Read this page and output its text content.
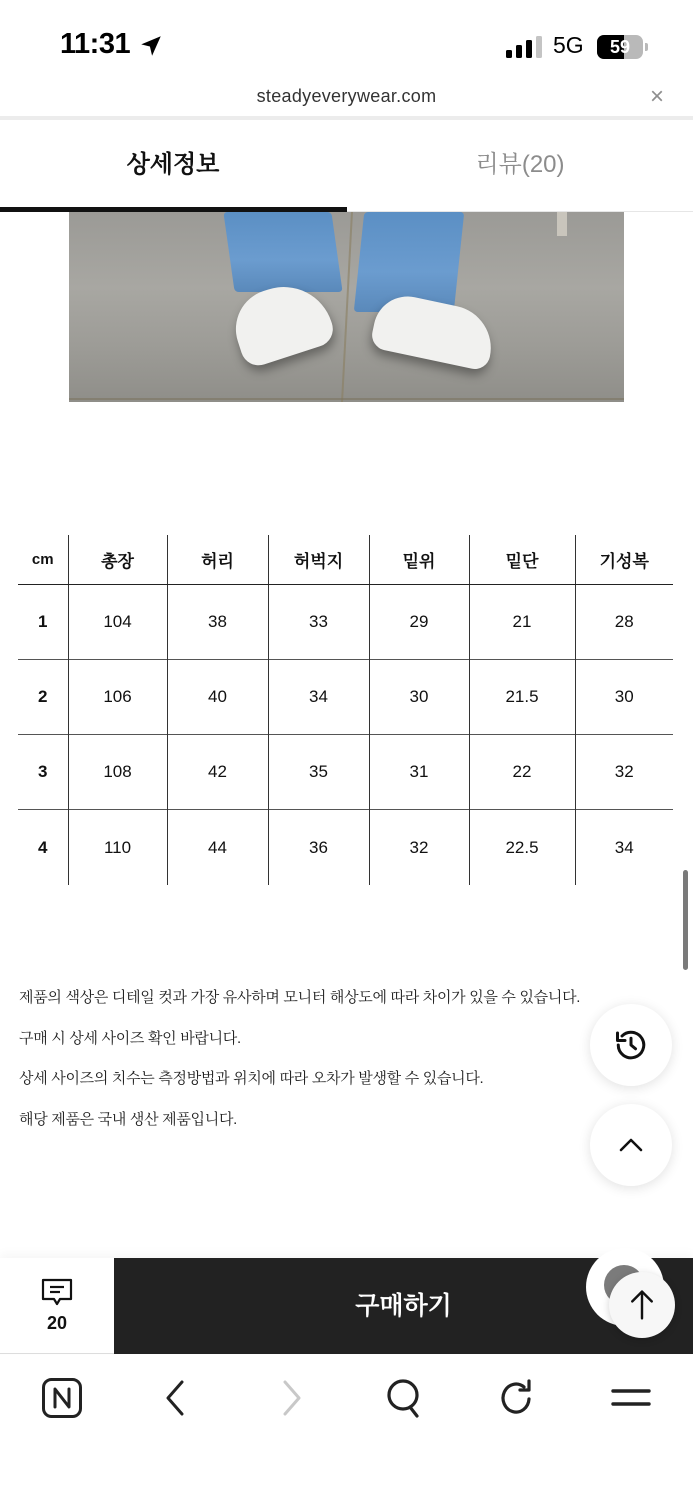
11:31	5G	59
steadyeverywear.com	×
상세정보	리뷰(20)
cm	총장	허리	허벅지	밑위	밑단	기성복
1	104	38	33	29	21	28
2	106	40	34	30	21.5	30
3	108	42	35	31	22	32
4	110	44	36	32	22.5	34
제품의 색상은 디테일 컷과 가장 유사하며 모니터 해상도에 따라 차이가 있을 수 있습니다.
구매 시 상세 사이즈 확인 바랍니다.
상세 사이즈의 치수는 측정방법과 위치에 따라 오차가 발생할 수 있습니다.
해당 제품은 국내 생산 제품입니다.
20
구매하기
